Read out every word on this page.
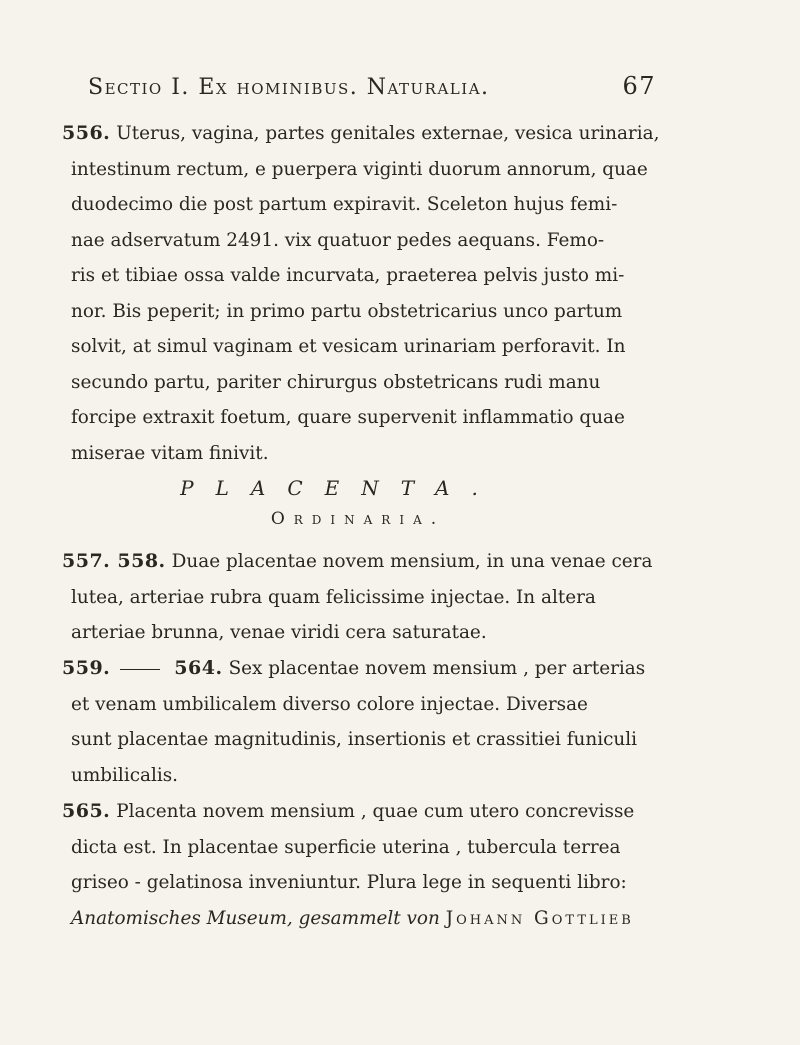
Sectio I. Ex hominibus. Naturalia.	67
556. Uterus, vagina, partes genitales externae, vesica urinaria,
intestinum rectum, e puerpera viginti duorum annorum, quae
duodecimo die post partum expiravit. Sceleton hujus femi-
nae adservatum 2491. vix quatuor pedes aequans. Femo-
ris et tibiae ossa valde incurvata, praeterea pelvis justo mi-
nor. Bis peperit; in primo partu obstetricarius unco partum
solvit, at simul vaginam et vesicam urinariam perforavit. In
secundo partu, pariter chirurgus obstetricans rudi manu
forcipe extraxit foetum, quare supervenit inflammatio quae
miserae vitam finivit.
PLACENTA.
Ordinaria.
557. 558. Duae placentae novem mensium, in una venae cera
lutea, arteriae rubra quam felicissime injectae. In altera
arteriae brunna, venae viridi cera saturatae.
559.	564. Sex placentae novem mensium , per arterias
et venam umbilicalem diverso colore injectae. Diversae
sunt placentae magnitudinis, insertionis et crassitiei funiculi
umbilicalis.
565. Placenta novem mensium , quae cum utero concrevisse
dicta est. In placentae superficie uterina , tubercula terrea
griseo - gelatinosa inveniuntur. Plura lege in sequenti libro:
Anatomisches Museum, gesammelt von Johann Gottlieb
